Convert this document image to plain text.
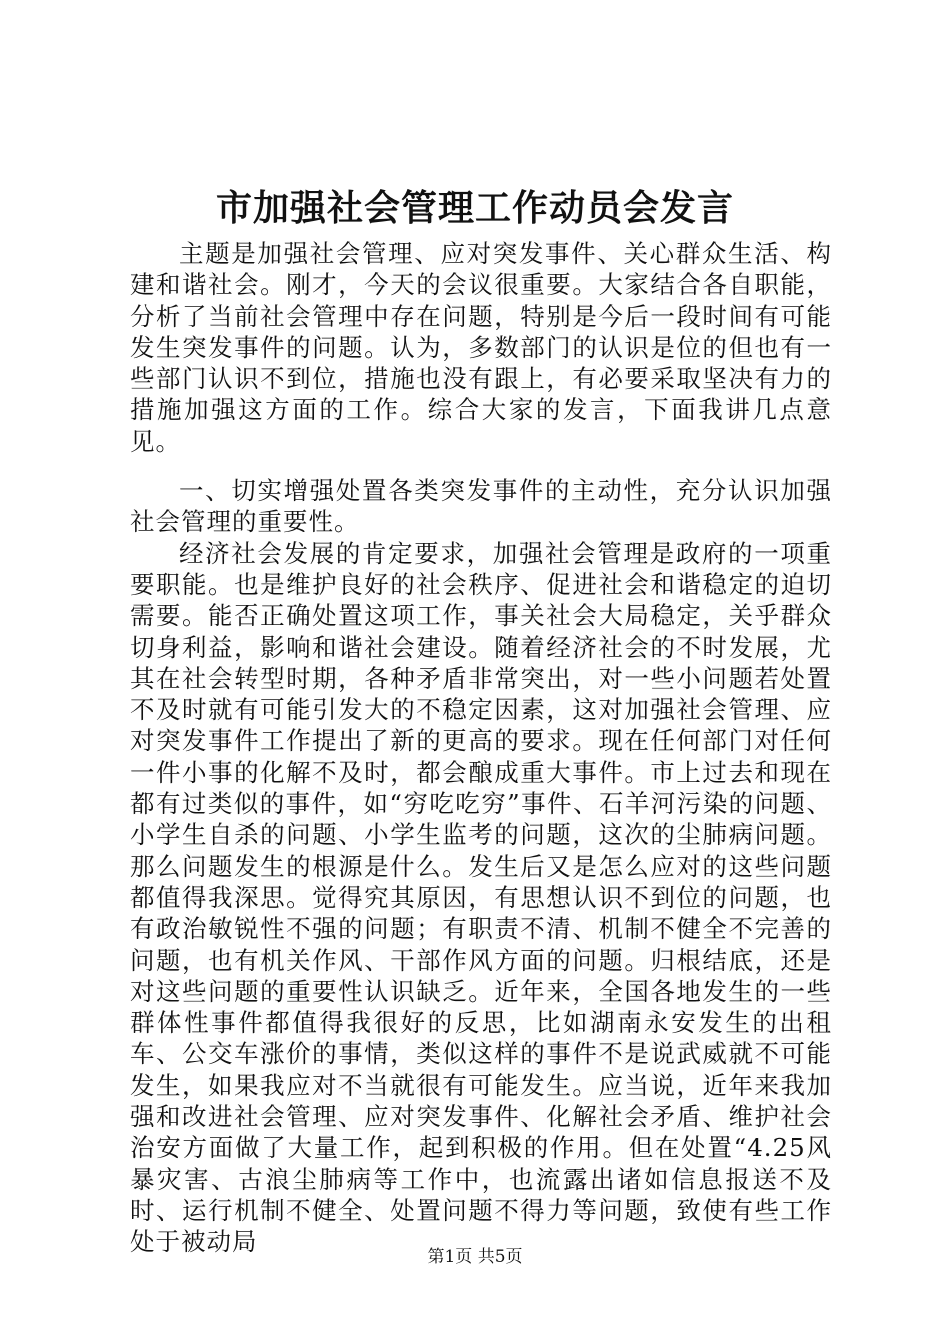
市加强社会管理工作动员会发言

主题是加强社会管理、应对突发事件、关心群众生活、构建和谐社会。刚才，今天的会议很重要。大家结合各自职能，分析了当前社会管理中存在问题，特别是今后一段时间有可能发生突发事件的问题。认为，多数部门的认识是位的但也有一些部门认识不到位，措施也没有跟上，有必要采取坚决有力的措施加强这方面的工作。综合大家的发言，下面我讲几点意见。

一、切实增强处置各类突发事件的主动性，充分认识加强社会管理的重要性。

经济社会发展的肯定要求，加强社会管理是政府的一项重要职能。也是维护良好的社会秩序、促进社会和谐稳定的迫切需要。能否正确处置这项工作，事关社会大局稳定，关乎群众切身利益，影响和谐社会建设。随着经济社会的不时发展，尤其在社会转型时期，各种矛盾非常突出，对一些小问题若处置不及时就有可能引发大的不稳定因素，这对加强社会管理、应对突发事件工作提出了新的更高的要求。现在任何部门对任何一件小事的化解不及时，都会酿成重大事件。市上过去和现在都有过类似的事件，如“穷吃吃穷”事件、石羊河污染的问题、小学生自杀的问题、小学生监考的问题，这次的尘肺病问题。那么问题发生的根源是什么。发生后又是怎么应对的这些问题都值得我深思。觉得究其原因，有思想认识不到位的问题，也有政治敏锐性不强的问题；有职责不清、机制不健全不完善的问题，也有机关作风、干部作风方面的问题。归根结底，还是对这些问题的重要性认识缺乏。近年来，全国各地发生的一些群体性事件都值得我很好的反思，比如湖南永安发生的出租车、公交车涨价的事情，类似这样的事件不是说武威就不可能发生，如果我应对不当就很有可能发生。应当说，近年来我加强和改进社会管理、应对突发事件、化解社会矛盾、维护社会治安方面做了大量工作，起到积极的作用。但在处置“4.25风暴灾害、古浪尘肺病等工作中，也流露出诸如信息报送不及时、运行机制不健全、处置问题不得力等问题，致使有些工作处于被动局

第1页 共5页
